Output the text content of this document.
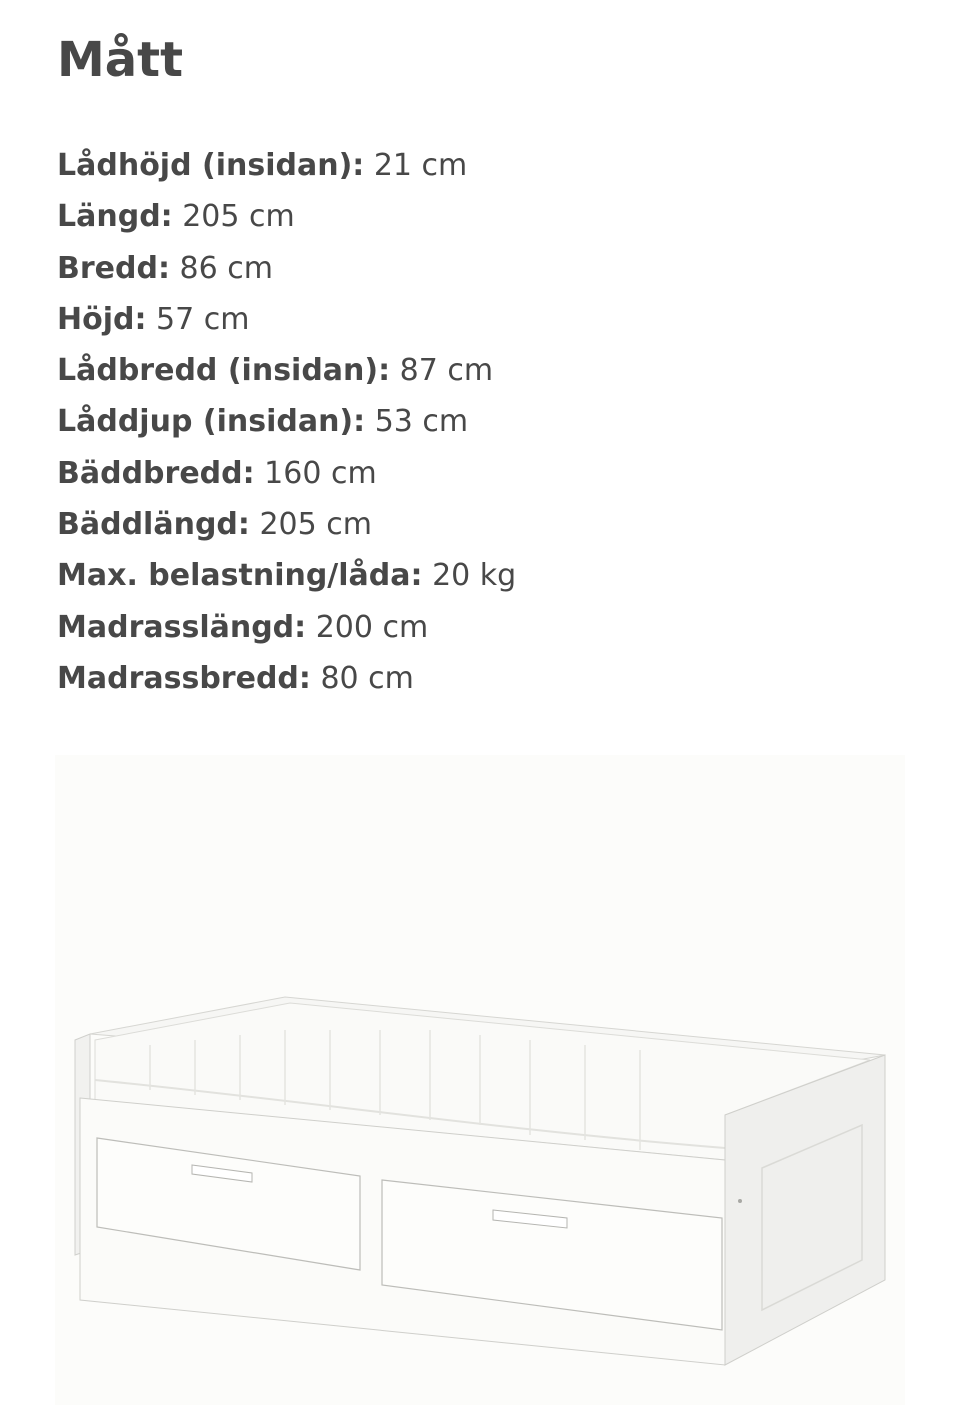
Mått
Lådhöjd (insidan): 21 cm
Längd: 205 cm
Bredd: 86 cm
Höjd: 57 cm
Lådbredd (insidan): 87 cm
Låddjup (insidan): 53 cm
Bäddbredd: 160 cm
Bäddlängd: 205 cm
Max. belastning/låda: 20 kg
Madrasslängd: 200 cm
Madrassbredd: 80 cm
